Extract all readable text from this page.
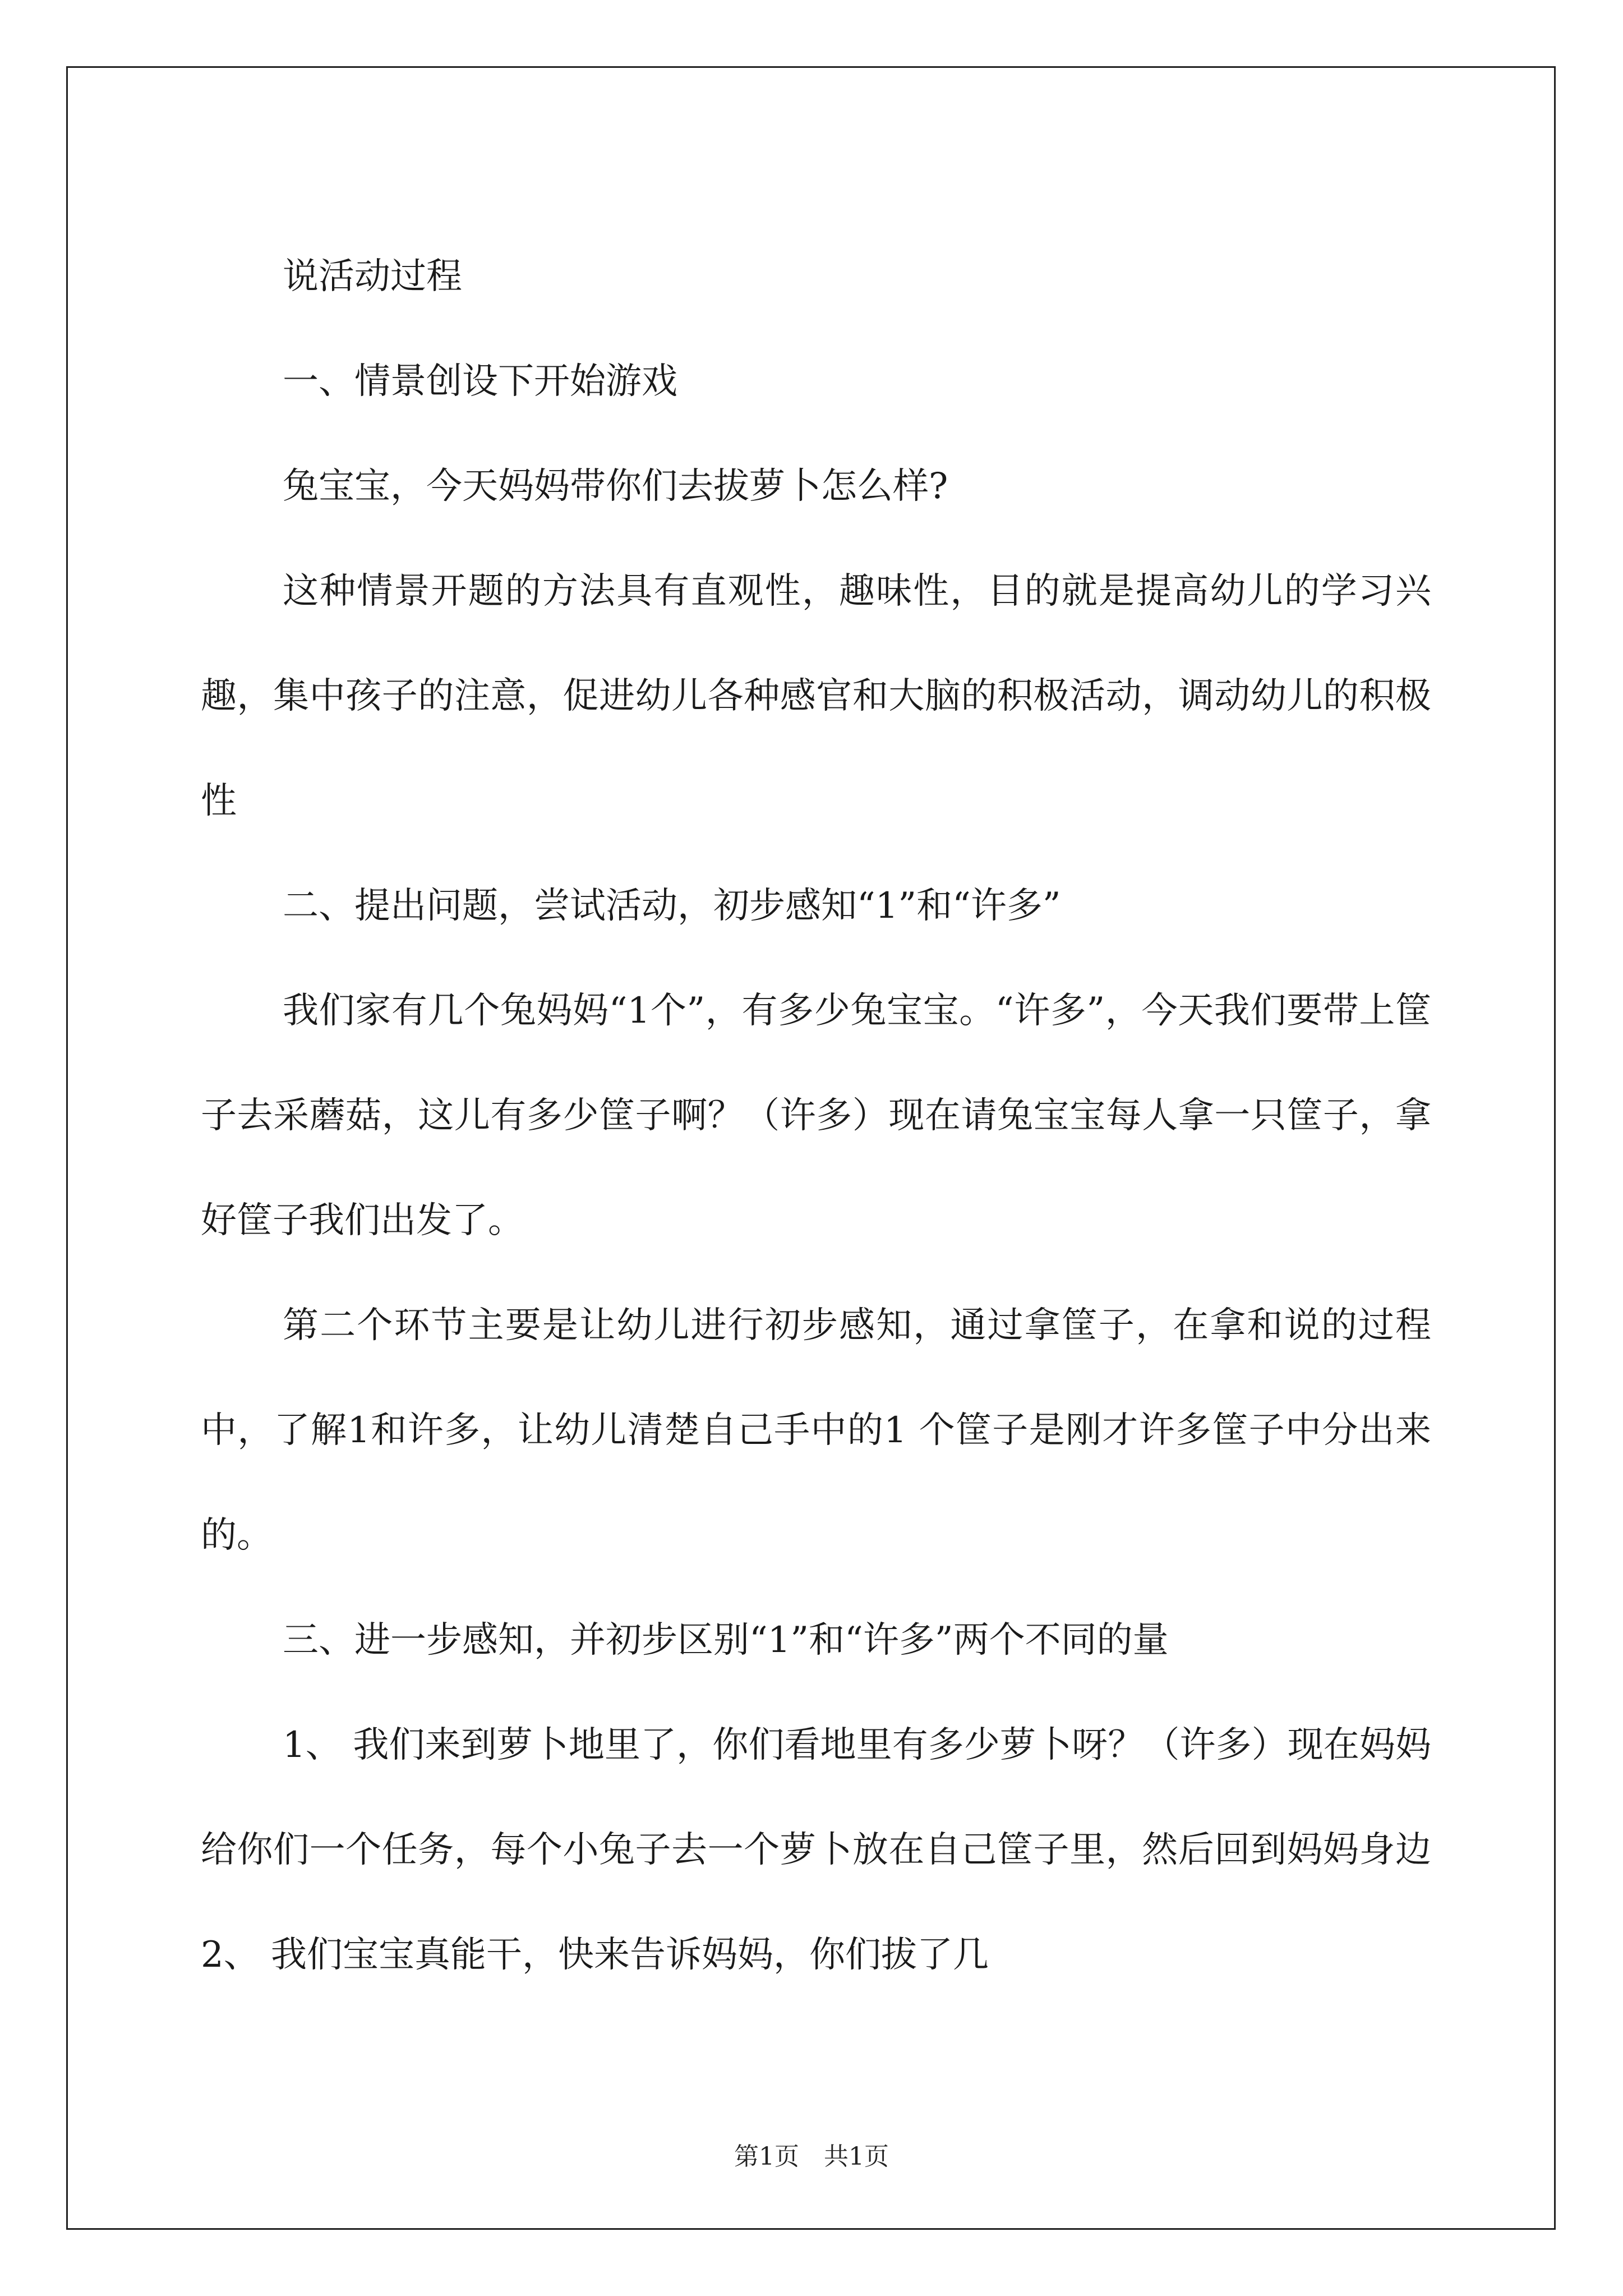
说活动过程

一、情景创设下开始游戏

兔宝宝，今天妈妈带你们去拔萝卜怎么样?

这种情景开题的方法具有直观性，趣味性，目的就是提高幼儿的学习兴趣，集中孩子的注意，促进幼儿各种感官和大脑的积极活动，调动幼儿的积极性

二、提出问题，尝试活动，初步感知“1”和“许多”

我们家有几个兔妈妈“1个”，有多少兔宝宝。“许多”，今天我们要带上筐子去采蘑菇，这儿有多少筐子啊？（许多）现在请兔宝宝每人拿一只筐子，拿好筐子我们出发了。

第二个环节主要是让幼儿进行初步感知，通过拿筐子，在拿和说的过程中，了解1和许多，让幼儿清楚自己手中的1 个筐子是刚才许多筐子中分出来的。

三、进一步感知，并初步区别“1”和“许多”两个不同的量

1、 我们来到萝卜地里了，你们看地里有多少萝卜呀？（许多）现在妈妈给你们一个任务，每个小兔子去一个萝卜放在自己筐子里，然后回到妈妈身边 2、 我们宝宝真能干，快来告诉妈妈，你们拔了几

第1页　共1页
